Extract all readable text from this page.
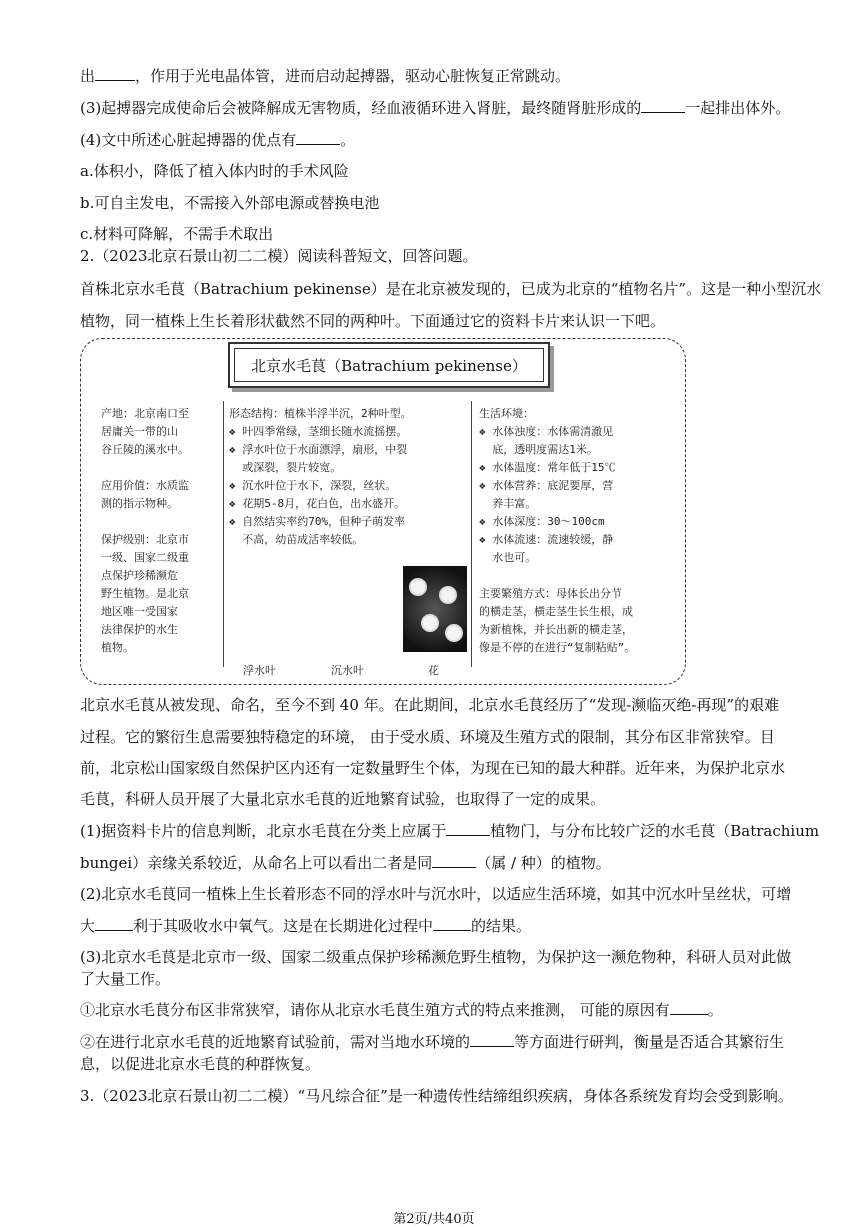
出	，作用于光电晶体管，进而启动起搏器，驱动心脏恢复正常跳动。
(3)起搏器完成使命后会被降解成无害物质，经血液循环进入肾脏，最终随肾脏形成的	一起排出体外。
(4)文中所述心脏起搏器的优点有	。
a.体积小，降低了植入体内时的手术风险
b.可自主发电，不需接入外部电源或替换电池
c.材料可降解，不需手术取出
2.（2023北京石景山初二二模）阅读科普短文，回答问题。
首株北京水毛茛（Batrachium pekinense）是在北京被发现的，已成为北京的“植物名片”。这是一种小型沉水
植物，同一植株上生长着形状截然不同的两种叶。下面通过它的资料卡片来认识一下吧。
北京水毛茛（Batrachium pekinense）
产地：北京南口至
居庸关一带的山
谷丘陵的溪水中。

应用价值：水质监
测的指示物种。

保护级别：北京市
一级、国家二级重
点保护珍稀濒危
野生植物。是北京
地区唯一受国家
法律保护的水生
植物。
形态结构：植株半浮半沉，2种叶型。
❖ 叶四季常绿，茎细长随水流摇摆。
❖ 浮水叶位于水面漂浮，扇形，中裂
或深裂，裂片较宽。
❖ 沉水叶位于水下，深裂，丝状。
❖ 花期5-8月，花白色，出水盛开。
❖ 自然结实率约70%，但种子萌发率
不高，幼苗成活率较低。
生活环境：
❖ 水体浊度：水体需清澈见
底，透明度需达1米。
❖ 水体温度：常年低于15℃
❖ 水体营养：底泥要厚，营
养丰富。
❖ 水体深度：30～100cm
❖ 水体流速：流速较缓，静
水也可。

主要繁殖方式：母体长出分节
的横走茎，横走茎生长生根，成
为新植株，并长出新的横走茎，
像是不停的在进行“复制粘贴”。
浮水叶	沉水叶	花
北京水毛茛从被发现、命名，至今不到 40 年。在此期间，北京水毛茛经历了“发现-濒临灭绝-再现”的艰难
过程。它的繁衍生息需要独特稳定的环境， 由于受水质、环境及生殖方式的限制，其分布区非常狭窄。目
前，北京松山国家级自然保护区内还有一定数量野生个体，为现在已知的最大种群。近年来，为保护北京水
毛茛，科研人员开展了大量北京水毛茛的近地繁育试验，也取得了一定的成果。
(1)据资料卡片的信息判断，北京水毛茛在分类上应属于	植物门，与分布比较广泛的水毛茛（Batrachium
bungei）亲缘关系较近，从命名上可以看出二者是同	（属 / 种）的植物。
(2)北京水毛茛同一植株上生长着形态不同的浮水叶与沉水叶，以适应生活环境，如其中沉水叶呈丝状，可增
大	利于其吸收水中氧气。这是在长期进化过程中	的结果。
(3)北京水毛茛是北京市一级、国家二级重点保护珍稀濒危野生植物，为保护这一濒危物种，科研人员对此做
了大量工作。
①北京水毛茛分布区非常狭窄，请你从北京水毛茛生殖方式的特点来推测， 可能的原因有	。
②在进行北京水毛茛的近地繁育试验前，需对当地水环境的	等方面进行研判，衡量是否适合其繁衍生
息，以促进北京水毛茛的种群恢复。
3.（2023北京石景山初二二模）“马凡综合征”是一种遗传性结缔组织疾病，身体各系统发育均会受到影响。
第2页/共40页
